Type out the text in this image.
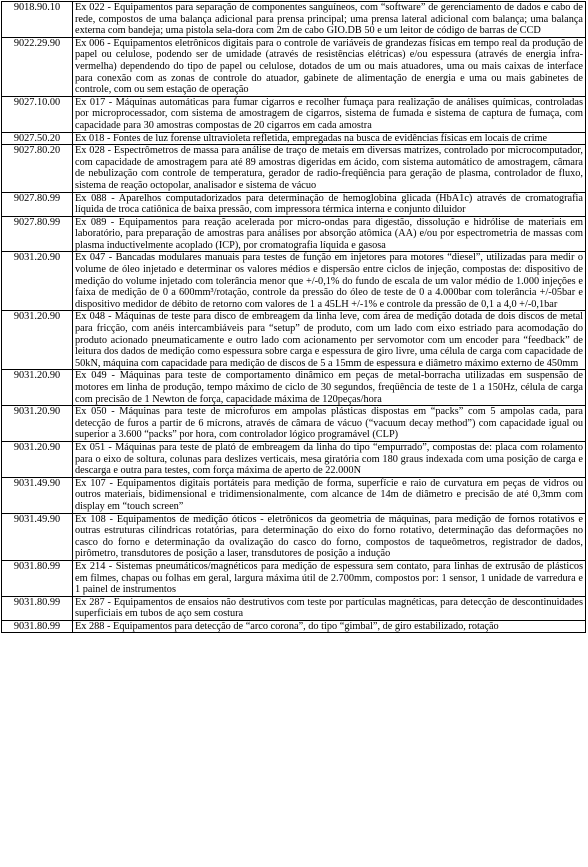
9018.90.10	Ex 022 - Equipamentos para separação de componentes sanguíneos, com “software” de gerenciamento de dados e cabo de rede, compostos de uma balança adicional para prensa principal; uma prensa lateral adicional com balança; uma balança externa com bandeja; uma pistola sela-dora com 2m de cabo GIO.DB 50 e um leitor de código de barras de CCD
9022.29.90	Ex 006 - Equipamentos eletrônicos digitais para o controle de variáveis de grandezas físicas em tempo real da produção de papel ou celulose, podendo ser de umidade (através de resistências elétricas) e/ou espessura (através de energia infra-vermelha) dependendo do tipo de papel ou celulose, dotados de um ou mais atuadores, uma ou mais caixas de interface para conexão com as zonas de controle do atuador, gabinete de alimentação de energia e uma ou mais gabinetes de controle, com ou sem estação de operação
9027.10.00	Ex 017 - Máquinas automáticas para fumar cigarros e recolher fumaça para realização de análises químicas, controladas por microprocessador, com sistema de amostragem de cigarros, sistema de fumada e sistema de captura de fumaça, com capacidade para 30 amostras compostas de 20 cigarros em cada amostra
9027.50.20	Ex 018 - Fontes de luz forense ultravioleta refletida, empregadas na busca de evidências físicas em locais de crime
9027.80.20	Ex 028 - Espectrômetros de massa para análise de traço de metais em diversas matrizes, controlado por microcomputador, com capacidade de amostragem para até 89 amostras digeridas em ácido, com sistema automático de amostragem, câmara de nebulização com controle de temperatura, gerador de radio-freqüência para geração de plasma, controlador de fluxo, sistema de reação octopolar, analisador e sistema de vácuo
9027.80.99	Ex 088 - Aparelhos computadorizados para determinação de hemoglobina glicada (HbA1c) através de cromatografia líquida de troca catiônica de baixa pressão, com impressora térmica interna e conjunto diluidor
9027.80.99	Ex 089 - Equipamentos para reação acelerada por micro-ondas para digestão, dissolução e hidrólise de materiais em laboratório, para preparação de amostras para análises por absorção atômica (AA) e/ou por espectrometria de massas com plasma inductivelmente acoplado (ICP), por cromatografia líquida e gasosa
9031.20.90	Ex 047 - Bancadas modulares manuais para testes de função em injetores para motores “diesel”, utilizadas para medir o volume de óleo injetado e determinar os valores médios e dispersão entre ciclos de injeção, compostas de: dispositivo de medição do volume injetado com tolerância menor que +/-0,1% do fundo de escala de um valor médio de 1.000 injeções e faixa de medição de 0 a 600mm³/rotação, controle da pressão do óleo de teste de 0 a 4.000bar com tolerância +/-05bar e dispositivo medidor de débito de retorno com valores de 1 a 45LH +/-1% e controle da pressão de 0,1 a 4,0 +/-0,1bar
9031.20.90	Ex 048 - Máquinas de teste para disco de embreagem da linha leve, com área de medição dotada de dois discos de metal para fricção, com anéis intercambiáveis para “setup” de produto, com um lado com eixo estriado para acomodação do produto acionado pneumaticamente e outro lado com acionamento per servomotor com um encoder para “feedback” de leitura dos dados de medição como espessura sobre carga e espessura de giro livre, uma célula de carga com capacidade de 50kN, máquina com capacidade para medição de discos de 5 a 15mm de espessura e diâmetro máximo externo de 450mm
9031.20.90	Ex 049 - Máquinas para teste de comportamento dinâmico em peças de metal-borracha utilizadas em suspensão de motores em linha de produção, tempo máximo de ciclo de 30 segundos, freqüência de teste de 1 a 150Hz, célula de carga com precisão de 1 Newton de força, capacidade máxima de 120peças/hora
9031.20.90	Ex 050 - Máquinas para teste de microfuros em ampolas plásticas dispostas em “packs” com 5 ampolas cada, para detecção de furos a partir de 6 mícrons, através de câmara de vácuo (“vacuum decay method”) com capacidade igual ou superior a 3.600 “packs” por hora, com controlador lógico programável (CLP)
9031.20.90	Ex 051 - Máquinas para teste de plató de embreagem da linha do tipo “empurrado”, compostas de: placa com rolamento para o eixo de soltura, colunas para deslizes verticais, mesa giratória com 180 graus indexada com uma posição de carga e descarga e outra para testes, com força máxima de aperto de 22.000N
9031.49.90	Ex 107 - Equipamentos digitais portáteis para medição de forma, superfície e raio de curvatura em peças de vidros ou outros materiais, bidimensional e tridimensionalmente, com alcance de 14m de diâmetro e precisão de até 0,3mm com display em “touch screen”
9031.49.90	Ex 108 - Equipamentos de medição óticos - eletrônicos da geometria de máquinas, para medição de fornos rotativos e outras estruturas cilíndricas rotatórias, para determinação do eixo do forno rotativo, determinação das deformações no casco do forno e determinação da ovalização do casco do forno, compostos de taqueômetros, registrador de dados, pirômetro, transdutores de posição a laser, transdutores de posição a indução
9031.80.99	Ex 214 - Sistemas pneumáticos/magnéticos para medição de espessura sem contato, para linhas de extrusão de plásticos em filmes, chapas ou folhas em geral, largura máxima útil de 2.700mm, compostos por: 1 sensor, 1 unidade de varredura e 1 painel de instrumentos
9031.80.99	Ex 287 - Equipamentos de ensaios não destrutivos com teste por partículas magnéticas, para detecção de descontinuidades superficiais em tubos de aço sem costura
9031.80.99	Ex 288 - Equipamentos para detecção de “arco corona”, do tipo “gimbal”, de giro estabilizado, rotação
